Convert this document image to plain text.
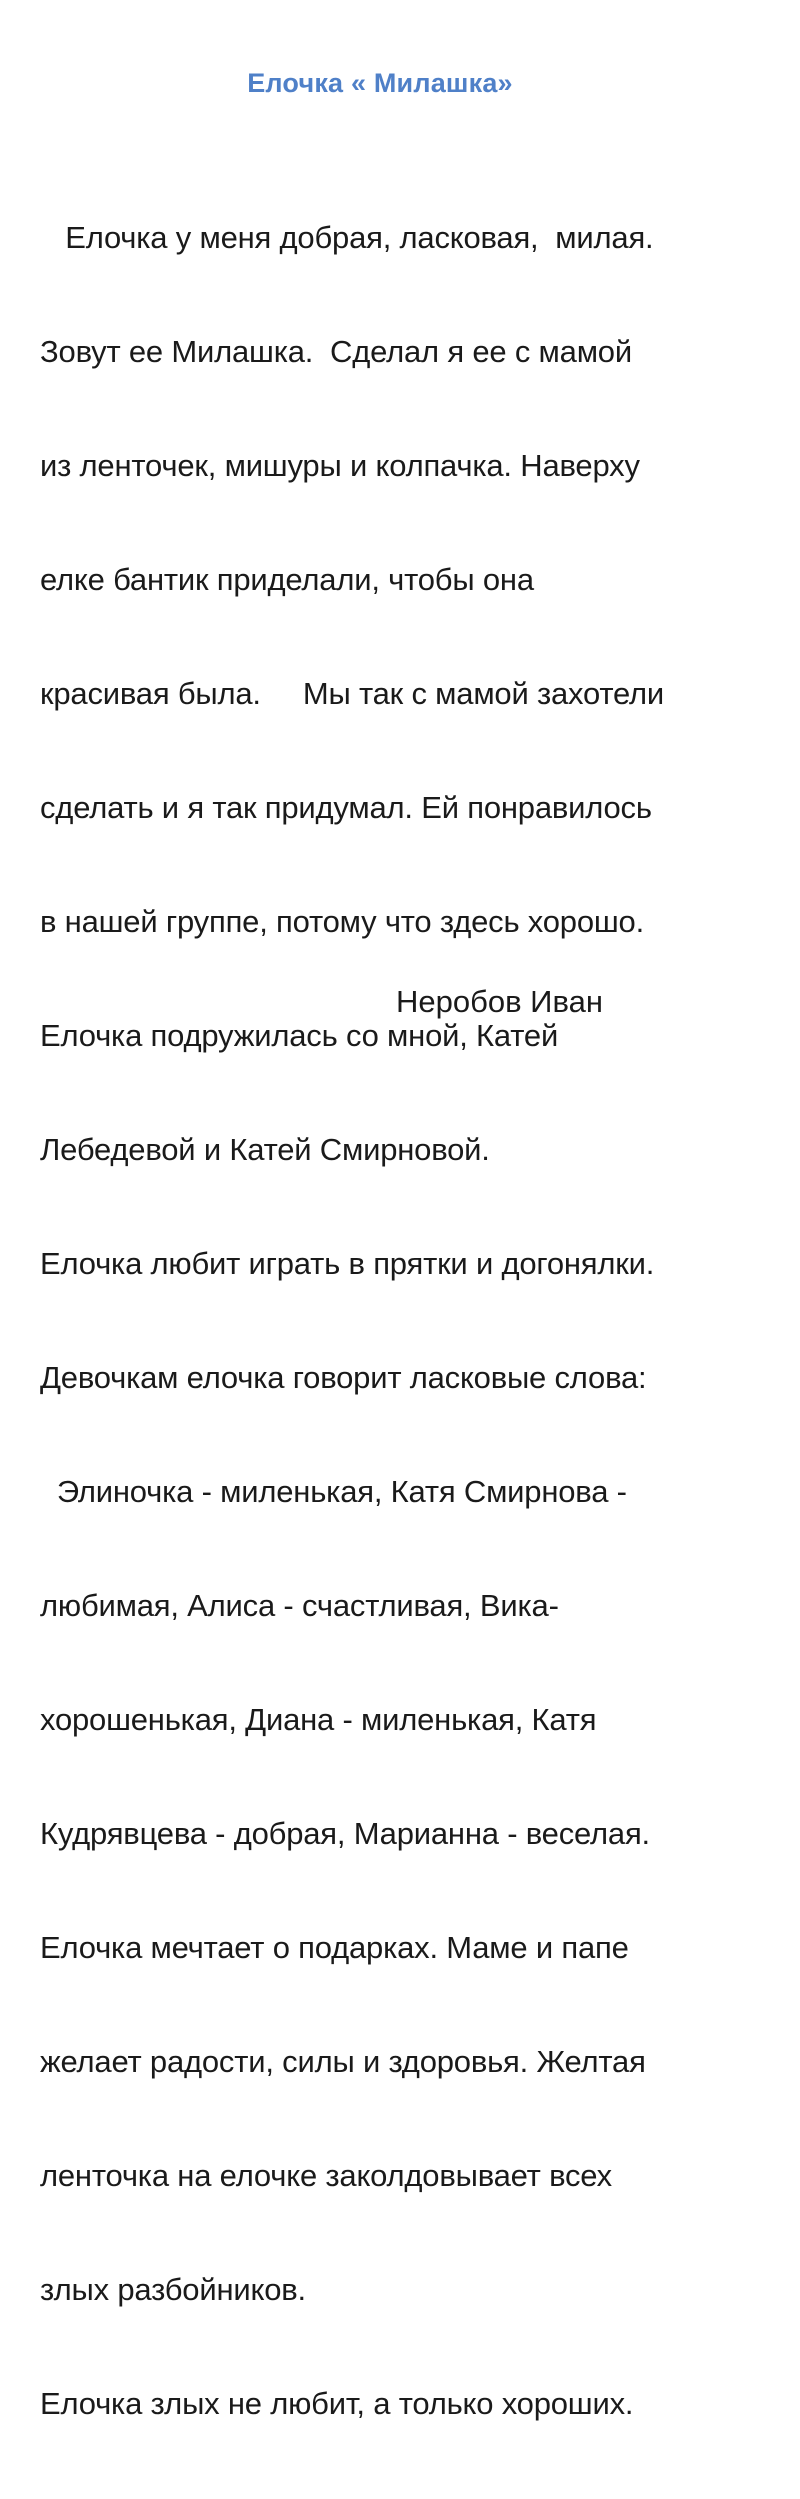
Елочка « Милашка»

Елочка у меня добрая, ласковая,  милая.

Зовут ее Милашка.  Сделал я ее с мамой

из ленточек, мишуры и колпачка. Наверху

елке бантик приделали, чтобы она

красивая была.     Мы так с мамой захотели

сделать и я так придумал. Ей понравилось

в нашей группе, потому что здесь хорошо.

Елочка подружилась со мной, Катей

Лебедевой и Катей Смирновой.

Елочка любит играть в прятки и догонялки.

Девочкам елочка говорит ласковые слова:

Элиночка - миленькая, Катя Смирнова -

любимая, Алиса - счастливая, Вика-

хорошенькая, Диана - миленькая, Катя

Кудрявцева - добрая, Марианна - веселая.

Елочка мечтает о подарках. Маме и папе

желает радости, силы и здоровья. Желтая

ленточка на елочке заколдовывает всех

злых разбойников.

Елочка злых не любит, а только хороших.

Неробов Иван
